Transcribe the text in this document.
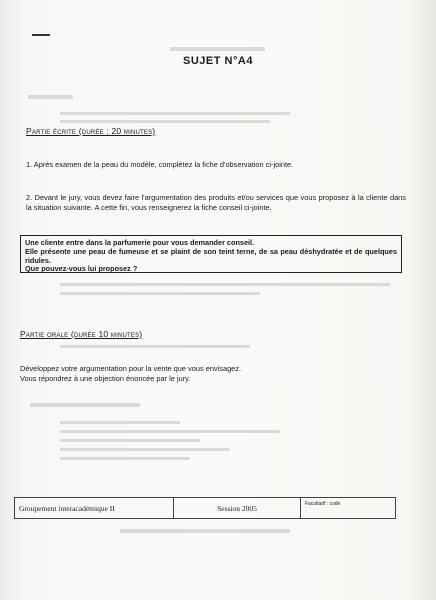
SUJET N°A4
Partie écrite (durée : 20 minutes)
1. Après examen de la peau du modèle, complétez la fiche d'observation ci-jointe.
2. Devant le jury, vous devez faire l'argumentation des produits et/ou services que vous proposez à la cliente dans la situation suivante. A cette fin, vous renseignerez la fiche conseil ci-jointe.
Une cliente entre dans la parfumerie pour vous demander conseil.
Elle présente une peau de fumeuse et se plaint de son teint terne, de sa peau déshydratée et de quelques ridules.
Que pouvez-vous lui proposez ?
Partie orale (durée 10 minutes)
Développez votre argumentation pour la vente que vous envisagez.
Vous répondrez à une objection énoncée par le jury.
Groupement interacadémique II	Session 2005	Facultatif : code
